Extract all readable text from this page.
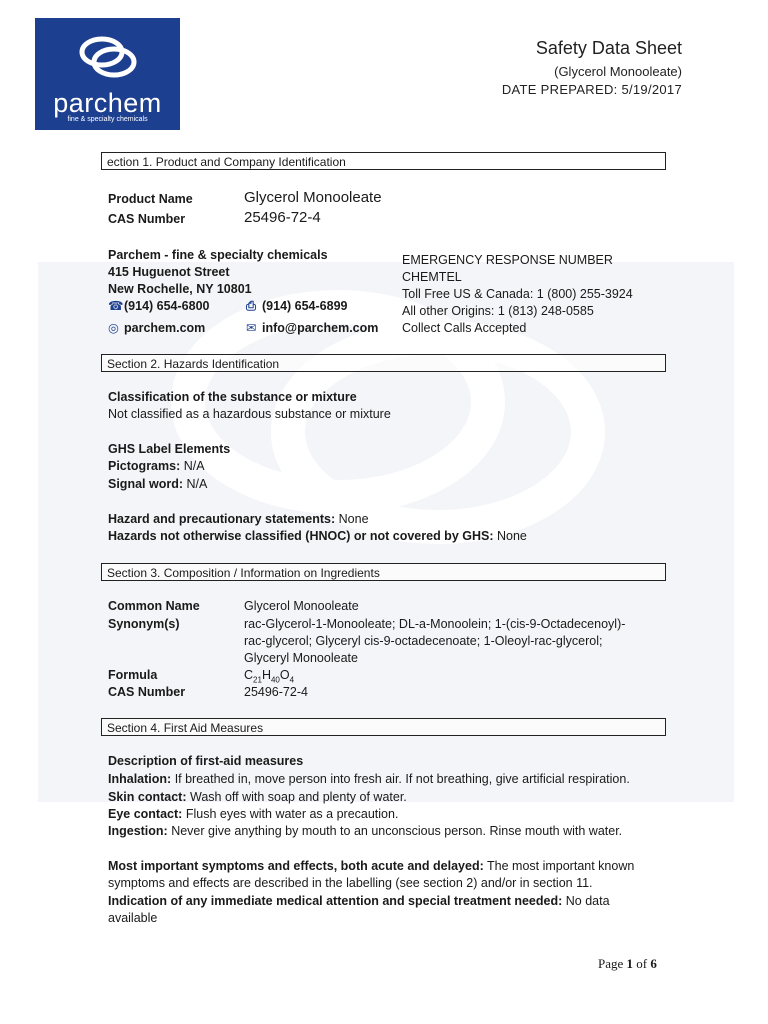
parchem
fine & specialty chemicals
Safety Data Sheet
(Glycerol Monooleate)
DATE PREPARED: 5/19/2017
ection 1. Product and Company Identification
Product Name	Glycerol Monooleate
CAS Number	25496-72-4
Parchem - fine & specialty chemicals
415 Huguenot Street
New Rochelle, NY 10801
☎(914) 654-6800	⎙ (914) 654-6899
◎ parchem.com	✉ info@parchem.com
EMERGENCY RESPONSE NUMBER
CHEMTEL
Toll Free US & Canada: 1 (800) 255-3924
All other Origins: 1 (813) 248-0585
Collect Calls Accepted
Section 2. Hazards Identification
Classification of the substance or mixture
Not classified as a hazardous substance or mixture
GHS Label Elements
Pictograms: N/A
Signal word: N/A
Hazard and precautionary statements: None
Hazards not otherwise classified (HNOC) or not covered by GHS: None
Section 3. Composition / Information on Ingredients
Common Name	Glycerol Monooleate
Synonym(s)	rac-Glycerol-1-Monooleate; DL-a-Monoolein; 1-(cis-9-Octadecenoyl)-rac-glycerol; Glyceryl cis-9-octadecenoate; 1-Oleoyl-rac-glycerol; Glyceryl Monooleate
Formula	$C_{21}H_{40}O_4$
CAS Number	25496-72-4
Section 4. First Aid Measures
Description of first-aid measures
Inhalation: If breathed in, move person into fresh air. If not breathing, give artificial respiration.
Skin contact: Wash off with soap and plenty of water.
Eye contact: Flush eyes with water as a precaution.
Ingestion: Never give anything by mouth to an unconscious person. Rinse mouth with water.
Most important symptoms and effects, both acute and delayed: The most important known symptoms and effects are described in the labelling (see section 2) and/or in section 11.
Indication of any immediate medical attention and special treatment needed: No data available
Page 1 of 6
